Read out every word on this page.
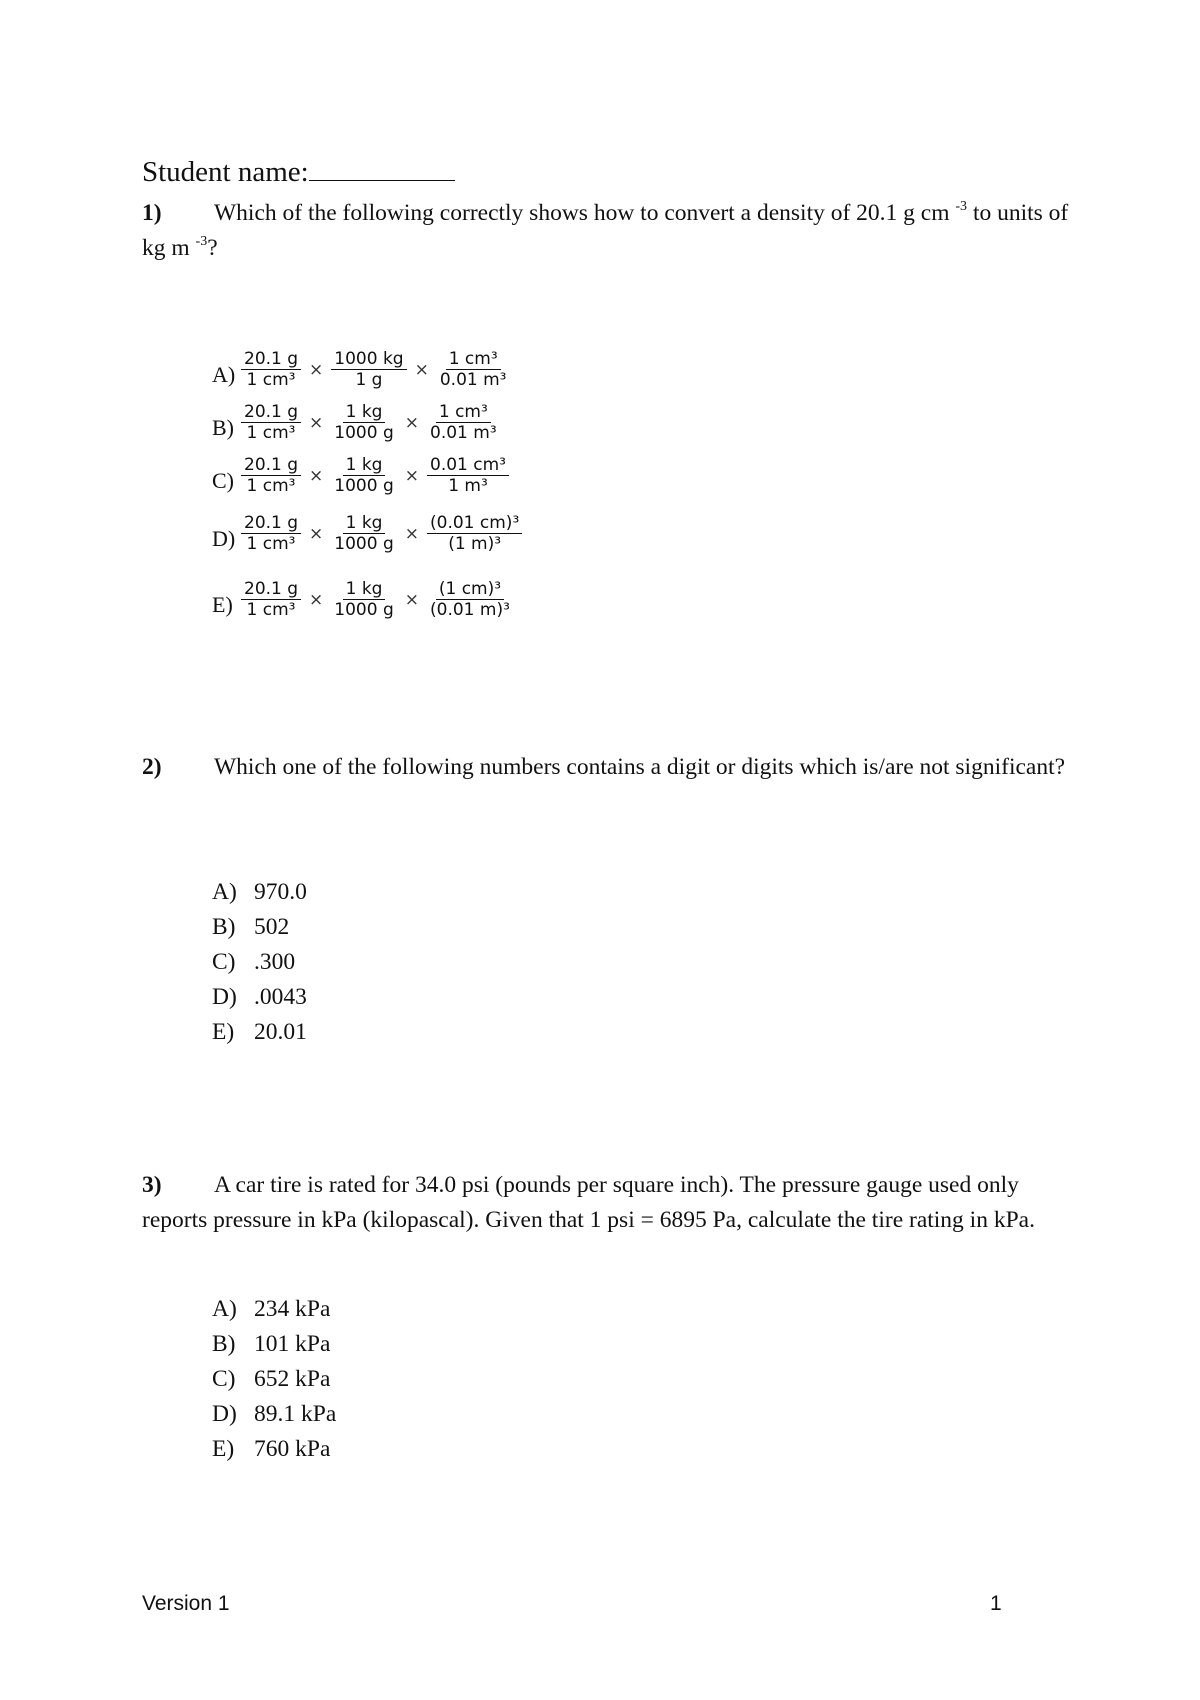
Student name:
1) Which of the following correctly shows how to convert a density of 20.1 g cm $^{-3}$ to units of kg m $^{-3}$?
$A) \frac{20.1 g}{\text{1 cm³}} \times \frac{1000 kg}{1 g} \times \frac{\text{1 cm³}}{\text{0.01 m³}}$
$B) \frac{20.1 g}{\text{1 cm³}} \times \frac{1 kg}{1000 g} \times \frac{\text{1 cm³}}{\text{0.01 m³}}$
$C) \frac{20.1 g}{\text{1 cm³}} \times \frac{1 kg}{1000 g} \times \frac{\text{0.01 cm³}}{\text{1 m³}}$
$D) \frac{20.1 g}{\text{1 cm³}} \times \frac{1 kg}{1000 g} \times \frac{\text{(0.01 cm)³}}{\text{(1 m)³}}$
$E) \frac{20.1 g}{\text{1 cm³}} \times \frac{1 kg}{1000 g} \times \frac{\text{(1 cm)³}}{\text{(0.01 m)³}}$
2) Which one of the following numbers contains a digit or digits which is/are not significant?
A) 970.0
B) 502
C) .300
D) .0043
E) 20.01
3) A car tire is rated for 34.0 psi (pounds per square inch). The pressure gauge used only reports pressure in kPa (kilopascal). Given that 1 psi = 6895 Pa, calculate the tire rating in kPa.
A) 234 kPa
B) 101 kPa
C) 652 kPa
D) 89.1 kPa
E) 760 kPa
Version 1	1
